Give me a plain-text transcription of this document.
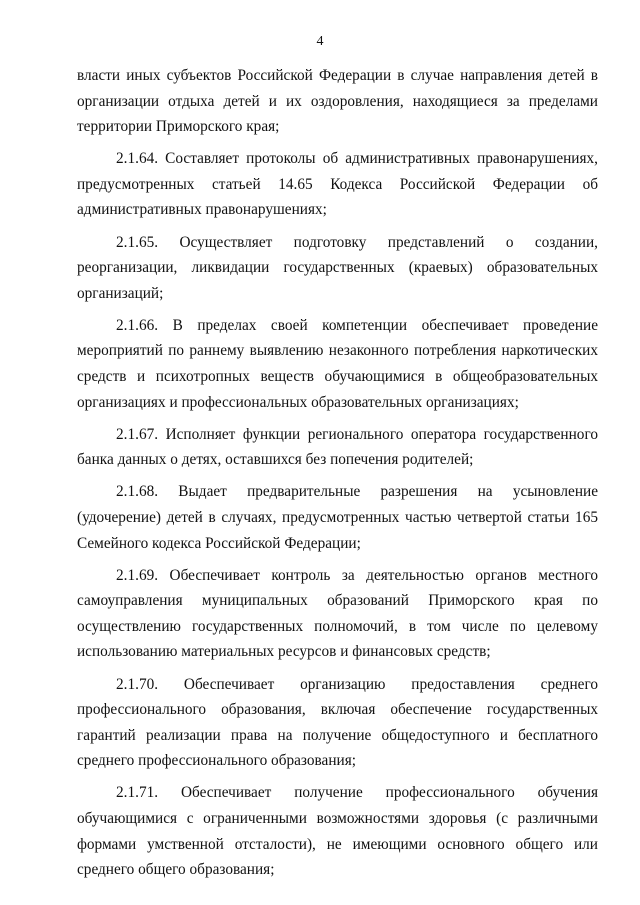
4

власти иных субъектов Российской Федерации в случае направления детей в организации отдыха детей и их оздоровления, находящиеся за пределами территории Приморского края;

2.1.64. Составляет протоколы об административных правонарушениях, предусмотренных статьей 14.65 Кодекса Российской Федерации об административных правонарушениях;

2.1.65. Осуществляет подготовку представлений о создании, реорганизации, ликвидации государственных (краевых) образовательных организаций;

2.1.66. В пределах своей компетенции обеспечивает проведение мероприятий по раннему выявлению незаконного потребления наркотических средств и психотропных веществ обучающимися в общеобразовательных организациях и профессиональных образовательных организациях;

2.1.67. Исполняет функции регионального оператора государственного банка данных о детях, оставшихся без попечения родителей;

2.1.68. Выдает предварительные разрешения на усыновление (удочерение) детей в случаях, предусмотренных частью четвертой статьи 165 Семейного кодекса Российской Федерации;

2.1.69. Обеспечивает контроль за деятельностью органов местного самоуправления муниципальных образований Приморского края по осуществлению государственных полномочий, в том числе по целевому использованию материальных ресурсов и финансовых средств;

2.1.70. Обеспечивает организацию предоставления среднего профессионального образования, включая обеспечение государственных гарантий реализации права на получение общедоступного и бесплатного среднего профессионального образования;

2.1.71. Обеспечивает получение профессионального обучения обучающимися с ограниченными возможностями здоровья (с различными формами умственной отсталости), не имеющими основного общего или среднего общего образования;
